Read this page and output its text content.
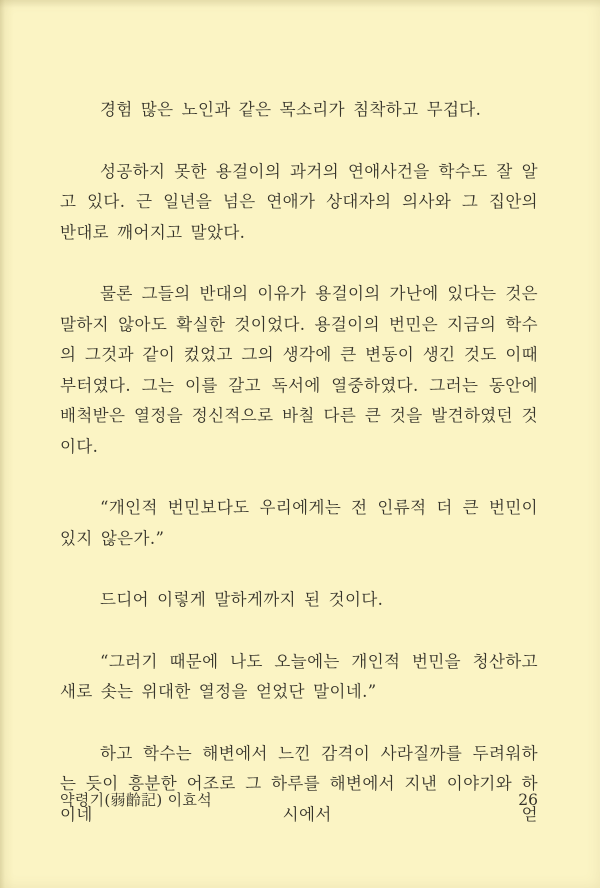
경험 많은 노인과 같은 목소리가 침착하고 무겁다.

성공하지 못한 용걸이의 과거의 연애사건을 학수도 잘 알고 있다. 근 일년을 넘은 연애가 상대자의 의사와 그 집안의 반대로 깨어지고 말았다.

물론 그들의 반대의 이유가 용걸이의 가난에 있다는 것은 말하지 않아도 확실한 것이었다. 용걸이의 번민은 지금의 학수의 그것과 같이 컸었고 그의 생각에 큰 변동이 생긴 것도 이때부터였다. 그는 이를 갈고 독서에 열중하였다. 그러는 동안에 배척받은 열정을 정신적으로 바칠 다른 큰 것을 발견하였던 것이다.

“개인적 번민보다도 우리에게는 전 인류적 더 큰 번민이 있지 않은가.”

드디어 이렇게 말하게까지 된 것이다.

“그러기 때문에 나도 오늘에는 개인적 번민을 청산하고 새로 솟는 위대한 열정을 얻었단 말이네.”

하고 학수는 해변에서 느낀 감격이 사라질까를 두려워하는 듯이 흥분한 어조로 그 하루를 해변에서 지낸 이야기와 하이네 시에서 얻

약령기(弱齡記) 이효석	26
